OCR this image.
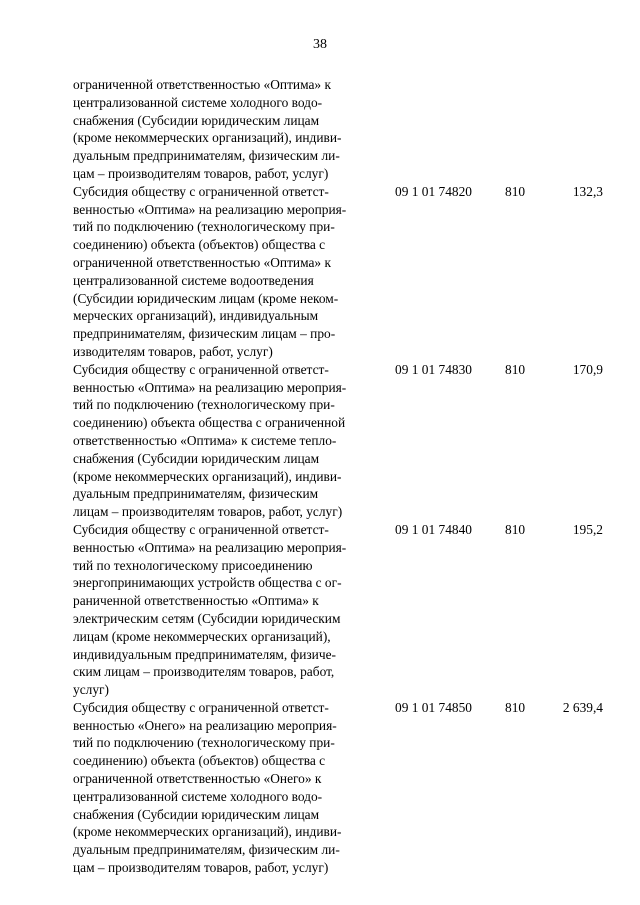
38
ограниченной ответственностью «Оптима» к
централизованной системе холодного водо-
снабжения (Субсидии юридическим лицам
(кроме некоммерческих организаций), индиви-
дуальным предпринимателям, физическим ли-
цам – производителям товаров, работ, услуг)
Субсидия обществу с ограниченной ответст-
венностью «Оптима» на реализацию мероприя-
тий по подключению (технологическому при-
соединению) объекта (объектов) общества с
ограниченной ответственностью «Оптима» к
централизованной системе водоотведения
(Субсидии юридическим лицам (кроме неком-
мерческих организаций), индивидуальным
предпринимателям, физическим лицам – про-
изводителям товаров, работ, услуг)
09 1 01 74820 810	132,3
Субсидия обществу с ограниченной ответст-
венностью «Оптима» на реализацию мероприя-
тий по подключению (технологическому при-
соединению) объекта общества с ограниченной
ответственностью «Оптима» к системе тепло-
снабжения (Субсидии юридическим лицам
(кроме некоммерческих организаций), индиви-
дуальным предпринимателям, физическим
лицам – производителям товаров, работ, услуг)
09 1 01 74830 810	170,9
Субсидия обществу с ограниченной ответст-
венностью «Оптима» на реализацию мероприя-
тий по технологическому присоединению
энергопринимающих устройств общества с ог-
раниченной ответственностью «Оптима» к
электрическим сетям (Субсидии юридическим
лицам (кроме некоммерческих организаций),
индивидуальным предпринимателям, физиче-
ским лицам – производителям товаров, работ,
услуг)
09 1 01 74840 810	195,2
Субсидия обществу с ограниченной ответст-
венностью «Онего» на реализацию мероприя-
тий по подключению (технологическому при-
соединению) объекта (объектов) общества с
ограниченной ответственностью «Онего» к
централизованной системе холодного водо-
снабжения (Субсидии юридическим лицам
(кроме некоммерческих организаций), индиви-
дуальным предпринимателям, физическим ли-
цам – производителям товаров, работ, услуг)
09 1 01 74850 810	2 639,4
